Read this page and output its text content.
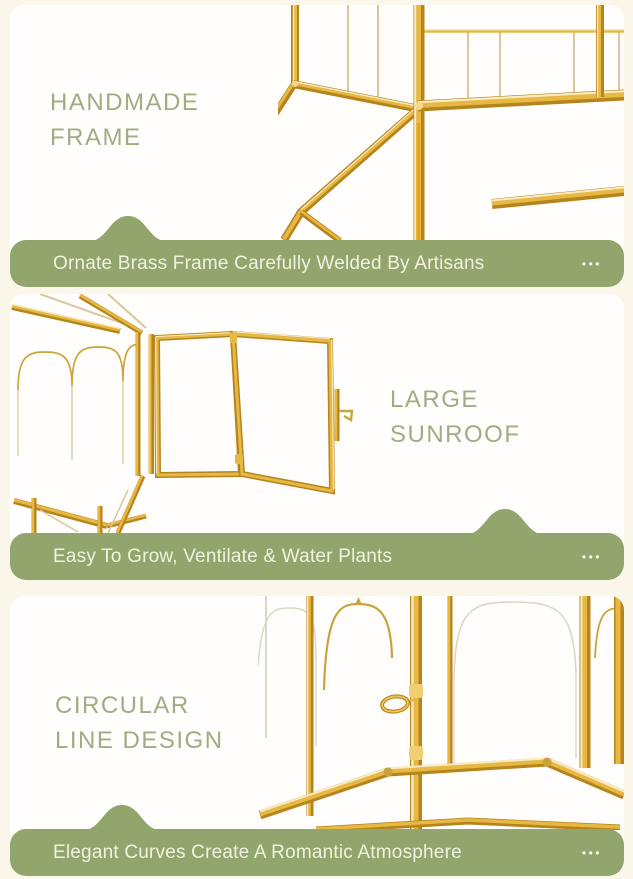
HANDMADE
FRAME
Ornate Brass Frame Carefully Welded By Artisans	•••
LARGE
SUNROOF
Easy To Grow, Ventilate & Water Plants	•••
CIRCULAR
LINE DESIGN
Elegant Curves Create A Romantic Atmosphere	•••
